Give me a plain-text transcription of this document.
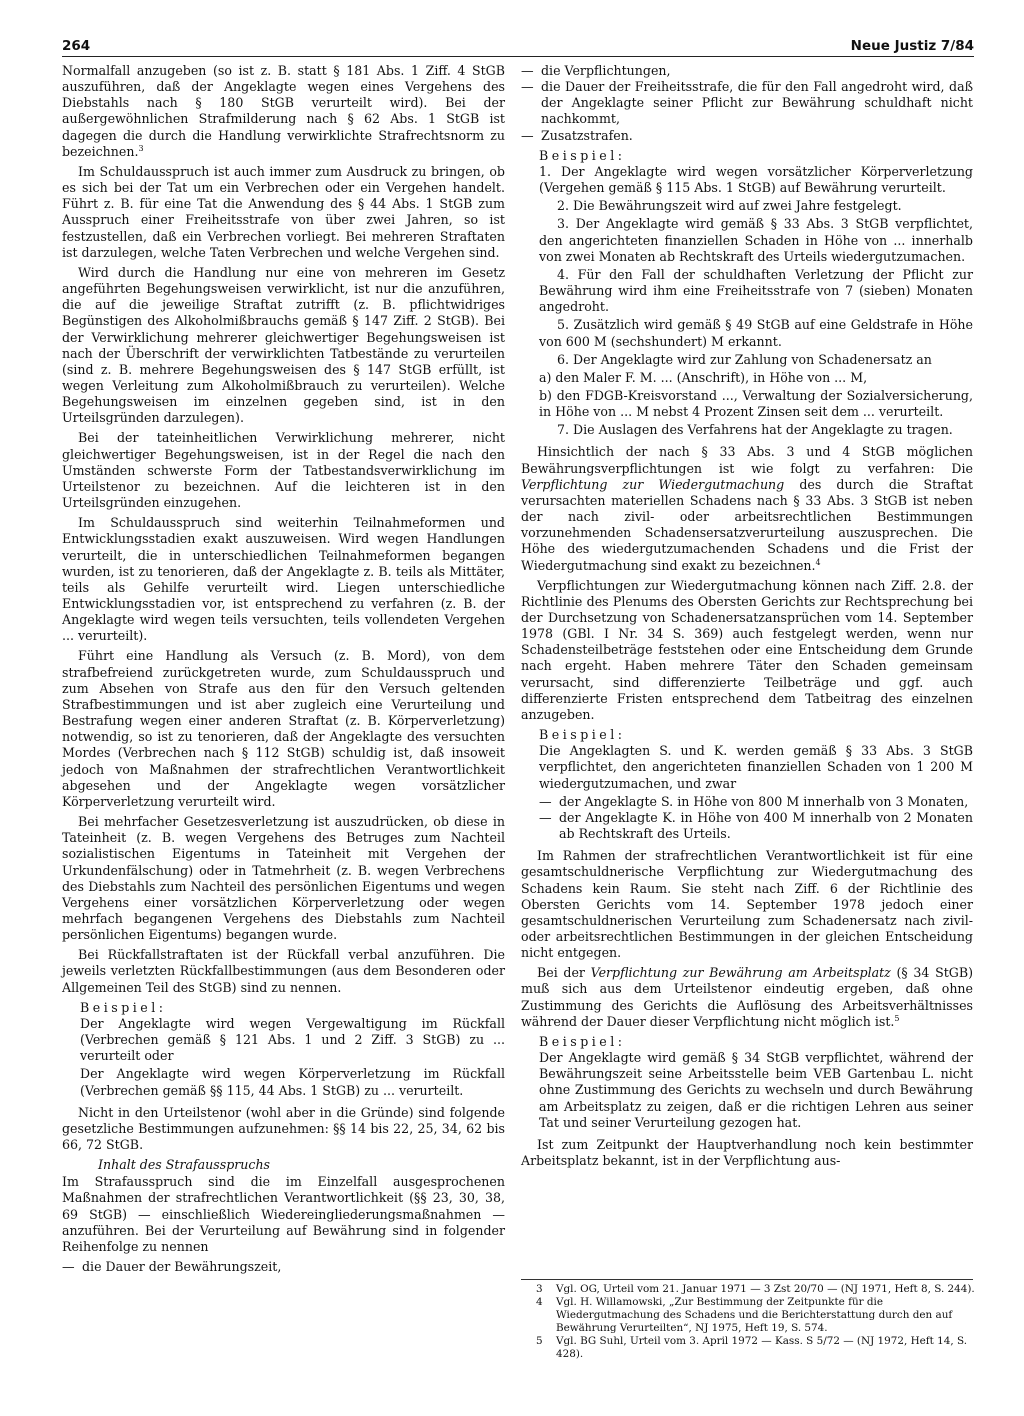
264	Neue Justiz 7/84

Normalfall anzugeben (so ist z. B. statt § 181 Abs. 1 Ziff. 4 StGB auszuführen, daß der Angeklagte wegen eines Vergehens des Diebstahls nach § 180 StGB verurteilt wird). Bei der außergewöhnlichen Strafmilderung nach § 62 Abs. 1 StGB ist dagegen die durch die Handlung verwirklichte Strafrechtsnorm zu bezeichnen.$^3$

Im Schuldausspruch ist auch immer zum Ausdruck zu bringen, ob es sich bei der Tat um ein Verbrechen oder ein Vergehen handelt. Führt z. B. für eine Tat die Anwendung des § 44 Abs. 1 StGB zum Ausspruch einer Freiheitsstrafe von über zwei Jahren, so ist festzustellen, daß ein Verbrechen vorliegt. Bei mehreren Straftaten ist darzulegen, welche Taten Verbrechen und welche Vergehen sind.

Wird durch die Handlung nur eine von mehreren im Gesetz angeführten Begehungsweisen verwirklicht, ist nur die anzuführen, die auf die jeweilige Straftat zutrifft (z. B. pflichtwidriges Begünstigen des Alkoholmißbrauchs gemäß § 147 Ziff. 2 StGB). Bei der Verwirklichung mehrerer gleichwertiger Begehungsweisen ist nach der Überschrift der verwirklichten Tatbestände zu verurteilen (sind z. B. mehrere Begehungsweisen des § 147 StGB erfüllt, ist wegen Verleitung zum Alkoholmißbrauch zu verurteilen). Welche Begehungsweisen im einzelnen gegeben sind, ist in den Urteilsgründen darzulegen).

Bei der tateinheitlichen Verwirklichung mehrerer, nicht gleichwertiger Begehungsweisen, ist in der Regel die nach den Umständen schwerste Form der Tatbestandsverwirklichung im Urteilstenor zu bezeichnen. Auf die leichteren ist in den Urteilsgründen einzugehen.

Im Schuldausspruch sind weiterhin Teilnahmeformen und Entwicklungsstadien exakt auszuweisen. Wird wegen Handlungen verurteilt, die in unterschiedlichen Teilnahmeformen begangen wurden, ist zu tenorieren, daß der Angeklagte z. B. teils als Mittäter, teils als Gehilfe verurteilt wird. Liegen unterschiedliche Entwicklungsstadien vor, ist entsprechend zu verfahren (z. B. der Angeklagte wird wegen teils versuchten, teils vollendeten Vergehen ... verurteilt).

Führt eine Handlung als Versuch (z. B. Mord), von dem strafbefreiend zurückgetreten wurde, zum Schuldausspruch und zum Absehen von Strafe aus den für den Versuch geltenden Strafbestimmungen und ist aber zugleich eine Verurteilung und Bestrafung wegen einer anderen Straftat (z. B. Körperverletzung) notwendig, so ist zu tenorieren, daß der Angeklagte des versuchten Mordes (Verbrechen nach § 112 StGB) schuldig ist, daß insoweit jedoch von Maßnahmen der strafrechtlichen Verantwortlichkeit abgesehen und der Angeklagte wegen vorsätzlicher Körperverletzung verurteilt wird.

Bei mehrfacher Gesetzesverletzung ist auszudrücken, ob diese in Tateinheit (z. B. wegen Vergehens des Betruges zum Nachteil sozialistischen Eigentums in Tateinheit mit Vergehen der Urkundenfälschung) oder in Tatmehrheit (z. B. wegen Verbrechens des Diebstahls zum Nachteil des persönlichen Eigentums und wegen Vergehens einer vorsätzlichen Körperverletzung oder wegen mehrfach begangenen Vergehens des Diebstahls zum Nachteil persönlichen Eigentums) begangen wurde.

Bei Rückfallstraftaten ist der Rückfall verbal anzuführen. Die jeweils verletzten Rückfallbestimmungen (aus dem Besonderen oder Allgemeinen Teil des StGB) sind zu nennen.

Beispiel:

Der Angeklagte wird wegen Vergewaltigung im Rückfall (Verbrechen gemäß § 121 Abs. 1 und 2 Ziff. 3 StGB) zu ... verurteilt oder

Der Angeklagte wird wegen Körperverletzung im Rückfall (Verbrechen gemäß §§ 115, 44 Abs. 1 StGB) zu ... verurteilt.

Nicht in den Urteilstenor (wohl aber in die Gründe) sind folgende gesetzliche Bestimmungen aufzunehmen: §§ 14 bis 22, 25, 34, 62 bis 66, 72 StGB.

Inhalt des Strafausspruchs

Im Strafausspruch sind die im Einzelfall ausgesprochenen Maßnahmen der strafrechtlichen Verantwortlichkeit (§§ 23, 30, 38, 69 StGB) — einschließlich Wiedereingliederungsmaßnahmen — anzuführen. Bei der Verurteilung auf Bewährung sind in folgender Reihenfolge zu nennen

— die Dauer der Bewährungszeit,
— die Verpflichtungen,
— die Dauer der Freiheitsstrafe, die für den Fall angedroht wird, daß der Angeklagte seiner Pflicht zur Bewährung schuldhaft nicht nachkommt,
— Zusatzstrafen.
Beispiel:

1. Der Angeklagte wird wegen vorsätzlicher Körperverletzung (Vergehen gemäß § 115 Abs. 1 StGB) auf Bewährung verurteilt.

2. Die Bewährungszeit wird auf zwei Jahre festgelegt.

3. Der Angeklagte wird gemäß § 33 Abs. 3 StGB verpflichtet, den angerichteten finanziellen Schaden in Höhe von ... innerhalb von zwei Monaten ab Rechtskraft des Urteils wiedergutzumachen.

4. Für den Fall der schuldhaften Verletzung der Pflicht zur Bewährung wird ihm eine Freiheitsstrafe von 7 (sieben) Monaten angedroht.

5. Zusätzlich wird gemäß § 49 StGB auf eine Geldstrafe in Höhe von 600 M (sechshundert) M erkannt.

6. Der Angeklagte wird zur Zahlung von Schadenersatz an

a) den Maler F. M. ... (Anschrift), in Höhe von ... M,

b) den FDGB-Kreisvorstand ..., Verwaltung der Sozialversicherung, in Höhe von ... M nebst 4 Prozent Zinsen seit dem ... verurteilt.

7. Die Auslagen des Verfahrens hat der Angeklagte zu tragen.

Hinsichtlich der nach § 33 Abs. 3 und 4 StGB möglichen Bewährungsverpflichtungen ist wie folgt zu verfahren: Die Verpflichtung zur Wiedergutmachung des durch die Straftat verursachten materiellen Schadens nach § 33 Abs. 3 StGB ist neben der nach zivil- oder arbeitsrechtlichen Bestimmungen vorzunehmenden Schadensersatzverurteilung auszusprechen. Die Höhe des wiedergutzumachenden Schadens und die Frist der Wiedergutmachung sind exakt zu bezeichnen.$^4$

Verpflichtungen zur Wiedergutmachung können nach Ziff. 2.8. der Richtlinie des Plenums des Obersten Gerichts zur Rechtsprechung bei der Durchsetzung von Schadenersatzansprüchen vom 14. September 1978 (GBl. I Nr. 34 S. 369) auch festgelegt werden, wenn nur Schadensteilbeträge feststehen oder eine Entscheidung dem Grunde nach ergeht. Haben mehrere Täter den Schaden gemeinsam verursacht, sind differenzierte Teilbeträge und ggf. auch differenzierte Fristen entsprechend dem Tatbeitrag des einzelnen anzugeben.

Beispiel:

Die Angeklagten S. und K. werden gemäß § 33 Abs. 3 StGB verpflichtet, den angerichteten finanziellen Schaden von 1 200 M wiedergutzumachen, und zwar

— der Angeklagte S. in Höhe von 800 M innerhalb von 3 Monaten,
— der Angeklagte K. in Höhe von 400 M innerhalb von 2 Monaten ab Rechtskraft des Urteils.

Im Rahmen der strafrechtlichen Verantwortlichkeit ist für eine gesamtschuldnerische Verpflichtung zur Wiedergutmachung des Schadens kein Raum. Sie steht nach Ziff. 6 der Richtlinie des Obersten Gerichts vom 14. September 1978 jedoch einer gesamtschuldnerischen Verurteilung zum Schadenersatz nach zivil- oder arbeitsrechtlichen Bestimmungen in der gleichen Entscheidung nicht entgegen.

Bei der Verpflichtung zur Bewährung am Arbeitsplatz (§ 34 StGB) muß sich aus dem Urteilstenor eindeutig ergeben, daß ohne Zustimmung des Gerichts die Auflösung des Arbeitsverhältnisses während der Dauer dieser Verpflichtung nicht möglich ist.$^5$

Beispiel:

Der Angeklagte wird gemäß § 34 StGB verpflichtet, während der Bewährungszeit seine Arbeitsstelle beim VEB Gartenbau L. nicht ohne Zustimmung des Gerichts zu wechseln und durch Bewährung am Arbeitsplatz zu zeigen, daß er die richtigen Lehren aus seiner Tat und seiner Verurteilung gezogen hat.

Ist zum Zeitpunkt der Hauptverhandlung noch kein bestimmter Arbeitsplatz bekannt, ist in der Verpflichtung aus-

3	Vgl. OG, Urteil vom 21. Januar 1971 — 3 Zst 20/70 — (NJ 1971, Heft 8, S. 244).
4	Vgl. H. Willamowski, „Zur Bestimmung der Zeitpunkte für die Wiedergutmachung des Schadens und die Berichterstattung durch den auf Bewährung Verurteilten“, NJ 1975, Heft 19, S. 574.
5	Vgl. BG Suhl, Urteil vom 3. April 1972 — Kass. S 5/72 — (NJ 1972, Heft 14, S. 428).
